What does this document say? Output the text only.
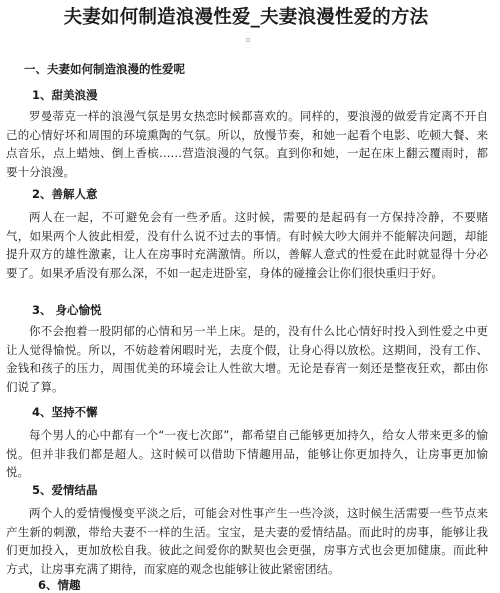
夫妻如何制造浪漫性爱_夫妻浪漫性爱的方法
一、夫妻如何制造浪漫的性爱呢
1、甜美浪漫

罗曼蒂克一样的浪漫气氛是男女热恋时候都喜欢的。同样的，要浪漫的做爱肯定离不开自己的心情好坏和周围的环境熏陶的气氛。所以，放慢节奏，和她一起看个电影、吃顿大餐、来点音乐，点上蜡烛、倒上香槟……营造浪漫的气氛。直到你和她，一起在床上翻云覆雨时，都要十分浪漫。

2、善解人意

两人在一起，不可避免会有一些矛盾。这时候，需要的是起码有一方保持冷静，不要赌气，如果两个人彼此相爱，没有什么说不过去的事情。有时候大吵大闹并不能解决问题，却能提升双方的雄性激素，让人在房事时充满激情。所以，善解人意式的性爱在此时就显得十分必要了。如果矛盾没有那么深，不如一起走进卧室，身体的碰撞会让你们很快重归于好。

3、 身心愉悦

你不会抱着一股阴郁的心情和另一半上床。是的，没有什么比心情好时投入到性爱之中更让人觉得愉悦。所以，不妨趁着闲暇时光，去度个假，让身心得以放松。这期间，没有工作、金钱和孩子的压力，周围优美的环境会让人性欲大增。无论是春宵一刻还是整夜狂欢，都由你们说了算。

4、坚持不懈

每个男人的心中都有一个“一夜七次郎”，都希望自己能够更加持久，给女人带来更多的愉悦。但并非我们都是超人。这时候可以借助下情趣用品，能够让你更加持久，让房事更加愉悦。

5、爱情结晶

两个人的爱情慢慢变平淡之后，可能会对性事产生一些冷淡，这时候生活需要一些节点来产生新的刺激，带给夫妻不一样的生活。宝宝，是夫妻的爱情结晶。而此时的房事，能够让我们更加投入，更加放松自我。彼此之间爱你的默契也会更强，房事方式也会更加健康。而此种方式，让房事充满了期待，而家庭的观念也能够让彼此紧密团结。

6、情趣
